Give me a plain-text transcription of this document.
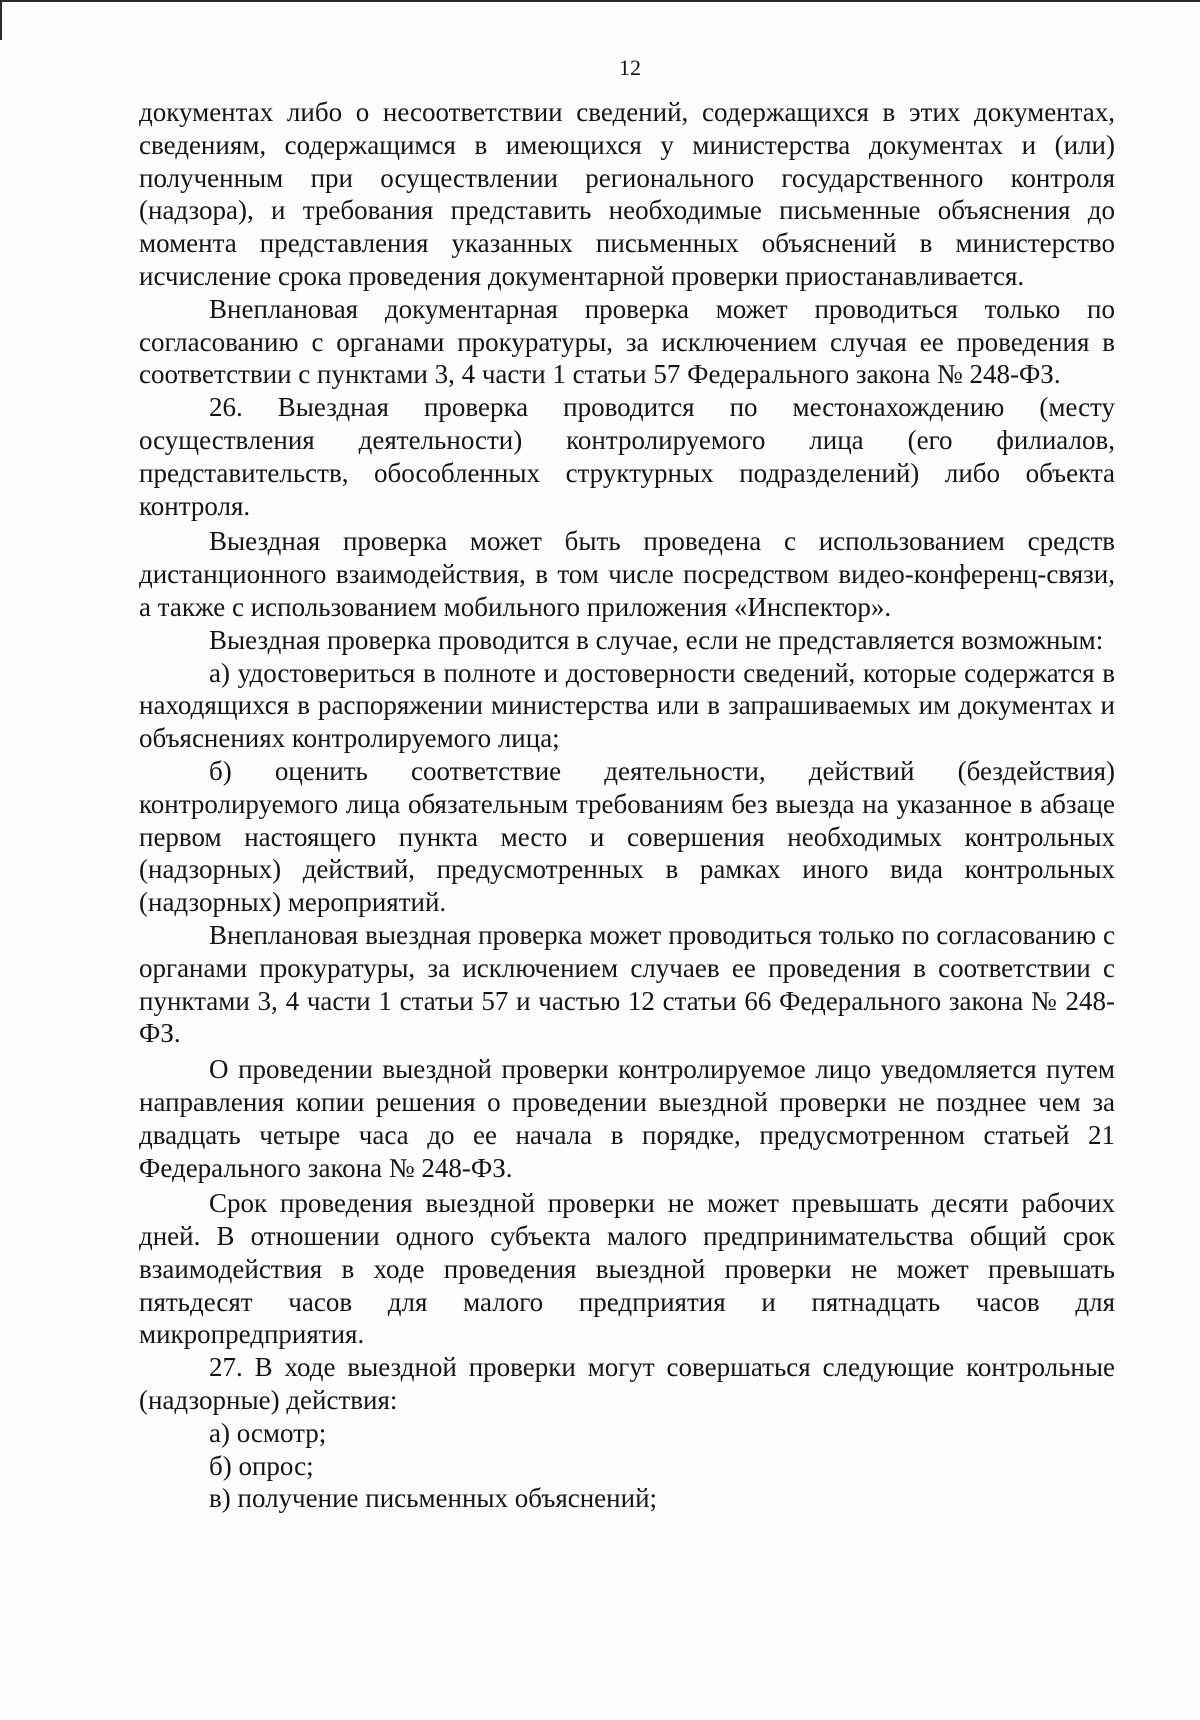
12

документах либо о несоответствии сведений, содержащихся в этих документах, сведениям, содержащимся в имеющихся у министерства документах и (или) полученным при осуществлении регионального государственного контроля (надзора), и требования представить необходимые письменные объяснения до момента представления указанных письменных объяснений в министерство исчисление срока проведения документарной проверки приостанавливается.

Внеплановая документарная проверка может проводиться только по согласованию с органами прокуратуры, за исключением случая ее проведения в соответствии с пунктами 3, 4 части 1 статьи 57 Федерального закона № 248-ФЗ.

26. Выездная проверка проводится по местонахождению (месту осуществления деятельности) контролируемого лица (его филиалов, представительств, обособленных структурных подразделений) либо объекта контроля.

Выездная проверка может быть проведена с использованием средств дистанционного взаимодействия, в том числе посредством видео-конференц-связи, а также с использованием мобильного приложения «Инспектор».

Выездная проверка проводится в случае, если не представляется возможным:

а) удостовериться в полноте и достоверности сведений, которые содержатся в находящихся в распоряжении министерства или в запрашиваемых им документах и объяснениях контролируемого лица;

б) оценить соответствие деятельности, действий (бездействия) контролируемого лица обязательным требованиям без выезда на указанное в абзаце первом настоящего пункта место и совершения необходимых контрольных (надзорных) действий, предусмотренных в рамках иного вида контрольных (надзорных) мероприятий.

Внеплановая выездная проверка может проводиться только по согласованию с органами прокуратуры, за исключением случаев ее проведения в соответствии с пунктами 3, 4 части 1 статьи 57 и частью 12 статьи 66 Федерального закона № 248-ФЗ.

О проведении выездной проверки контролируемое лицо уведомляется путем направления копии решения о проведении выездной проверки не позднее чем за двадцать четыре часа до ее начала в порядке, предусмотренном статьей 21 Федерального закона № 248-ФЗ.

Срок проведения выездной проверки не может превышать десяти рабочих дней. В отношении одного субъекта малого предпринимательства общий срок взаимодействия в ходе проведения выездной проверки не может превышать пятьдесят часов для малого предприятия и пятнадцать часов для микропредприятия.

27. В ходе выездной проверки могут совершаться следующие контрольные (надзорные) действия:

а) осмотр;

б) опрос;

в) получение письменных объяснений;
